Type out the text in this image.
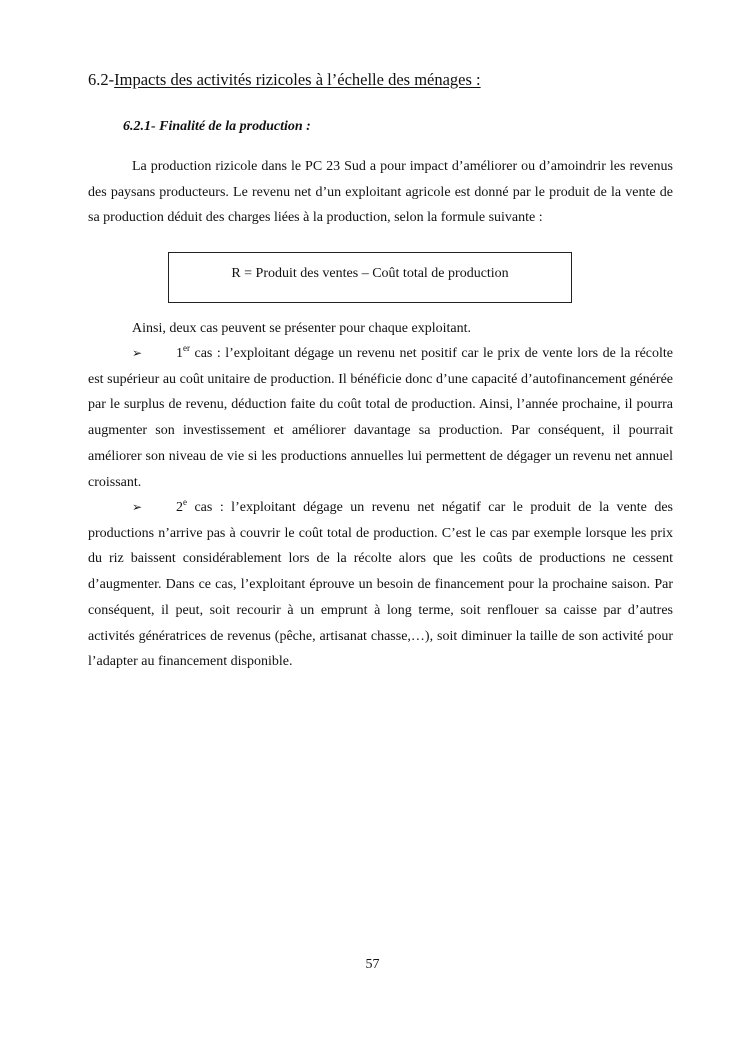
6.2-Impacts des activités rizicoles à l’échelle des ménages :
6.2.1- Finalité de la production :

La production rizicole dans le PC 23 Sud a pour impact d’améliorer ou d’amoindrir les revenus des paysans producteurs. Le revenu net d’un exploitant agricole est donné par le produit de la vente de sa production déduit des charges liées à la production, selon la formule suivante :

R = Produit des ventes – Coût total de production

Ainsi, deux cas peuvent se présenter pour chaque exploitant.

➢ 1er cas : l’exploitant dégage un revenu net positif car le prix de vente lors de la récolte est supérieur au coût unitaire de production. Il bénéficie donc d’une capacité d’autofinancement générée par le surplus de revenu, déduction faite du coût total de production. Ainsi, l’année prochaine, il pourra augmenter son investissement et améliorer davantage sa production. Par conséquent, il pourrait améliorer son niveau de vie si les productions annuelles lui permettent de dégager un revenu net annuel croissant.

➢ 2e cas : l’exploitant dégage un revenu net négatif car le produit de la vente des productions n’arrive pas à couvrir le coût total de production. C’est le cas par exemple lorsque les prix du riz baissent considérablement lors de la récolte alors que les coûts de productions ne cessent d’augmenter. Dans ce cas, l’exploitant éprouve un besoin de financement pour la prochaine saison. Par conséquent, il peut, soit recourir à un emprunt à long terme, soit renflouer sa caisse par d’autres activités génératrices de revenus (pêche, artisanat chasse,…), soit diminuer la taille de son activité pour l’adapter au financement disponible.

57
